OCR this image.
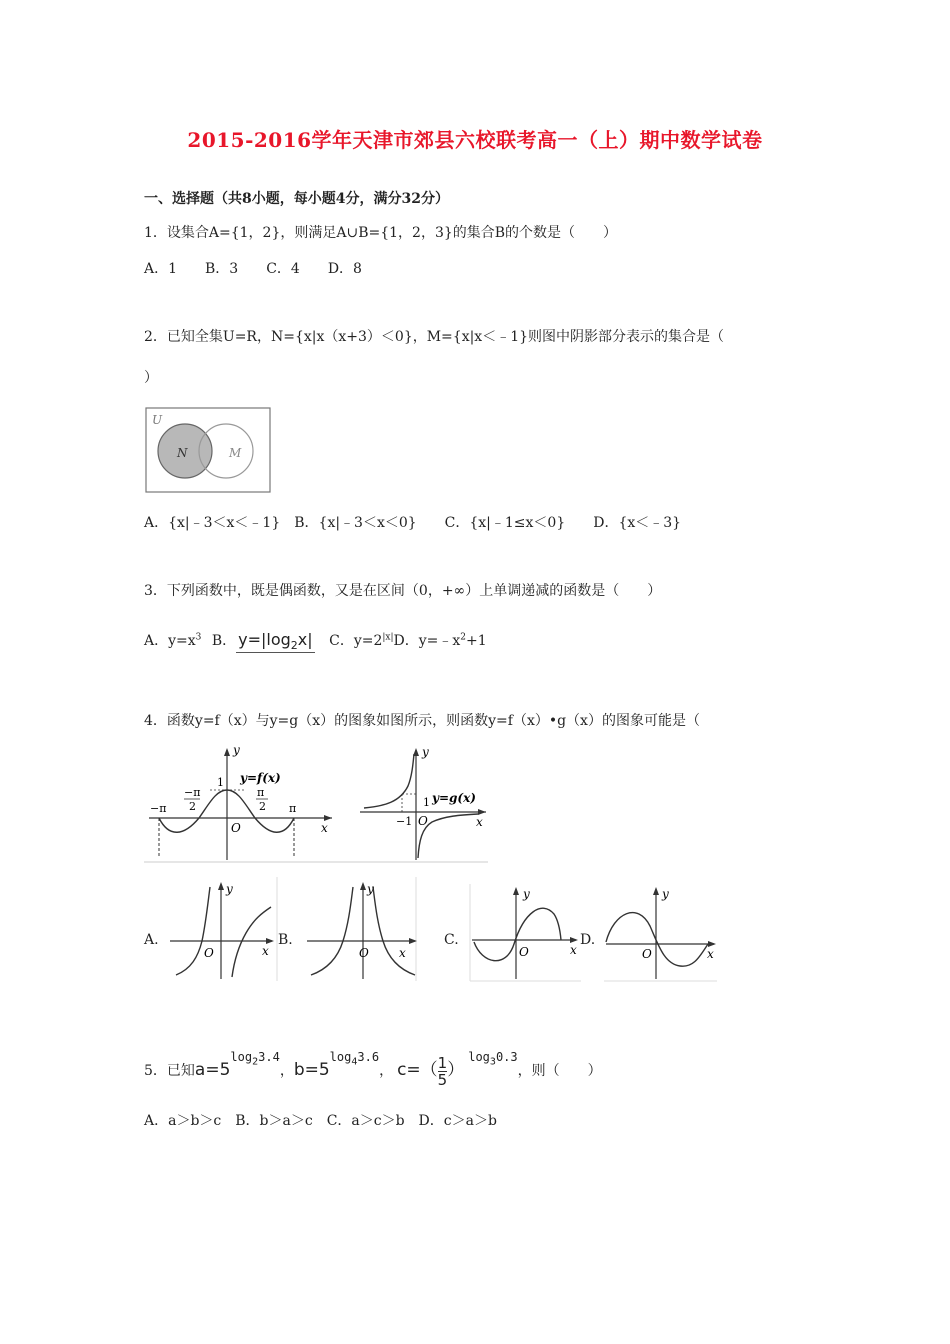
2015-2016学年天津市郊县六校联考高一（上）期中数学试卷
一、选择题（共8小题，每小题4分，满分32分）
1．设集合A={1，2}，则满足A∪B={1，2，3}的集合B的个数是（　　）
A．1　　B．3　　C．4　　D．8
2．已知全集U=R，N={x|x（x+3）＜0}，M={x|x＜﹣1}则图中阴影部分表示的集合是（
）
U
N	M
A．{x|﹣3＜x＜﹣1}　B．{x|﹣3＜x＜0}　　C．{x|﹣1≤x＜0}　　D．{x＜﹣3}
3．下列函数中，既是偶函数，又是在区间（0，+∞）上单调递减的函数是（　　）
A．$y=x^3$ B． $y=|\log_2x|$ C．$y=2^{|x|}D$．$y=﹣x^2+1$
4．函数y=f（x）与y=g（x）的图象如图所示，则函数y=f（x）•g（x）的图象可能是（
y
x
O
1 y=f(x)
−π	π
−π
2
π
2
y
x
O
1
−1
y=g(x)
A.
y
x
O
B.
y
x
O
C.
y
x
O
D.
y
x
O
5．已知$a=5\log_23.4$，$b=5\log_43.6$， $c=( \frac{1}{5} )\log_30.3$，则（　　）
A．a＞b＞c　B．b＞a＞c　C．a＞c＞b　D．c＞a＞b
